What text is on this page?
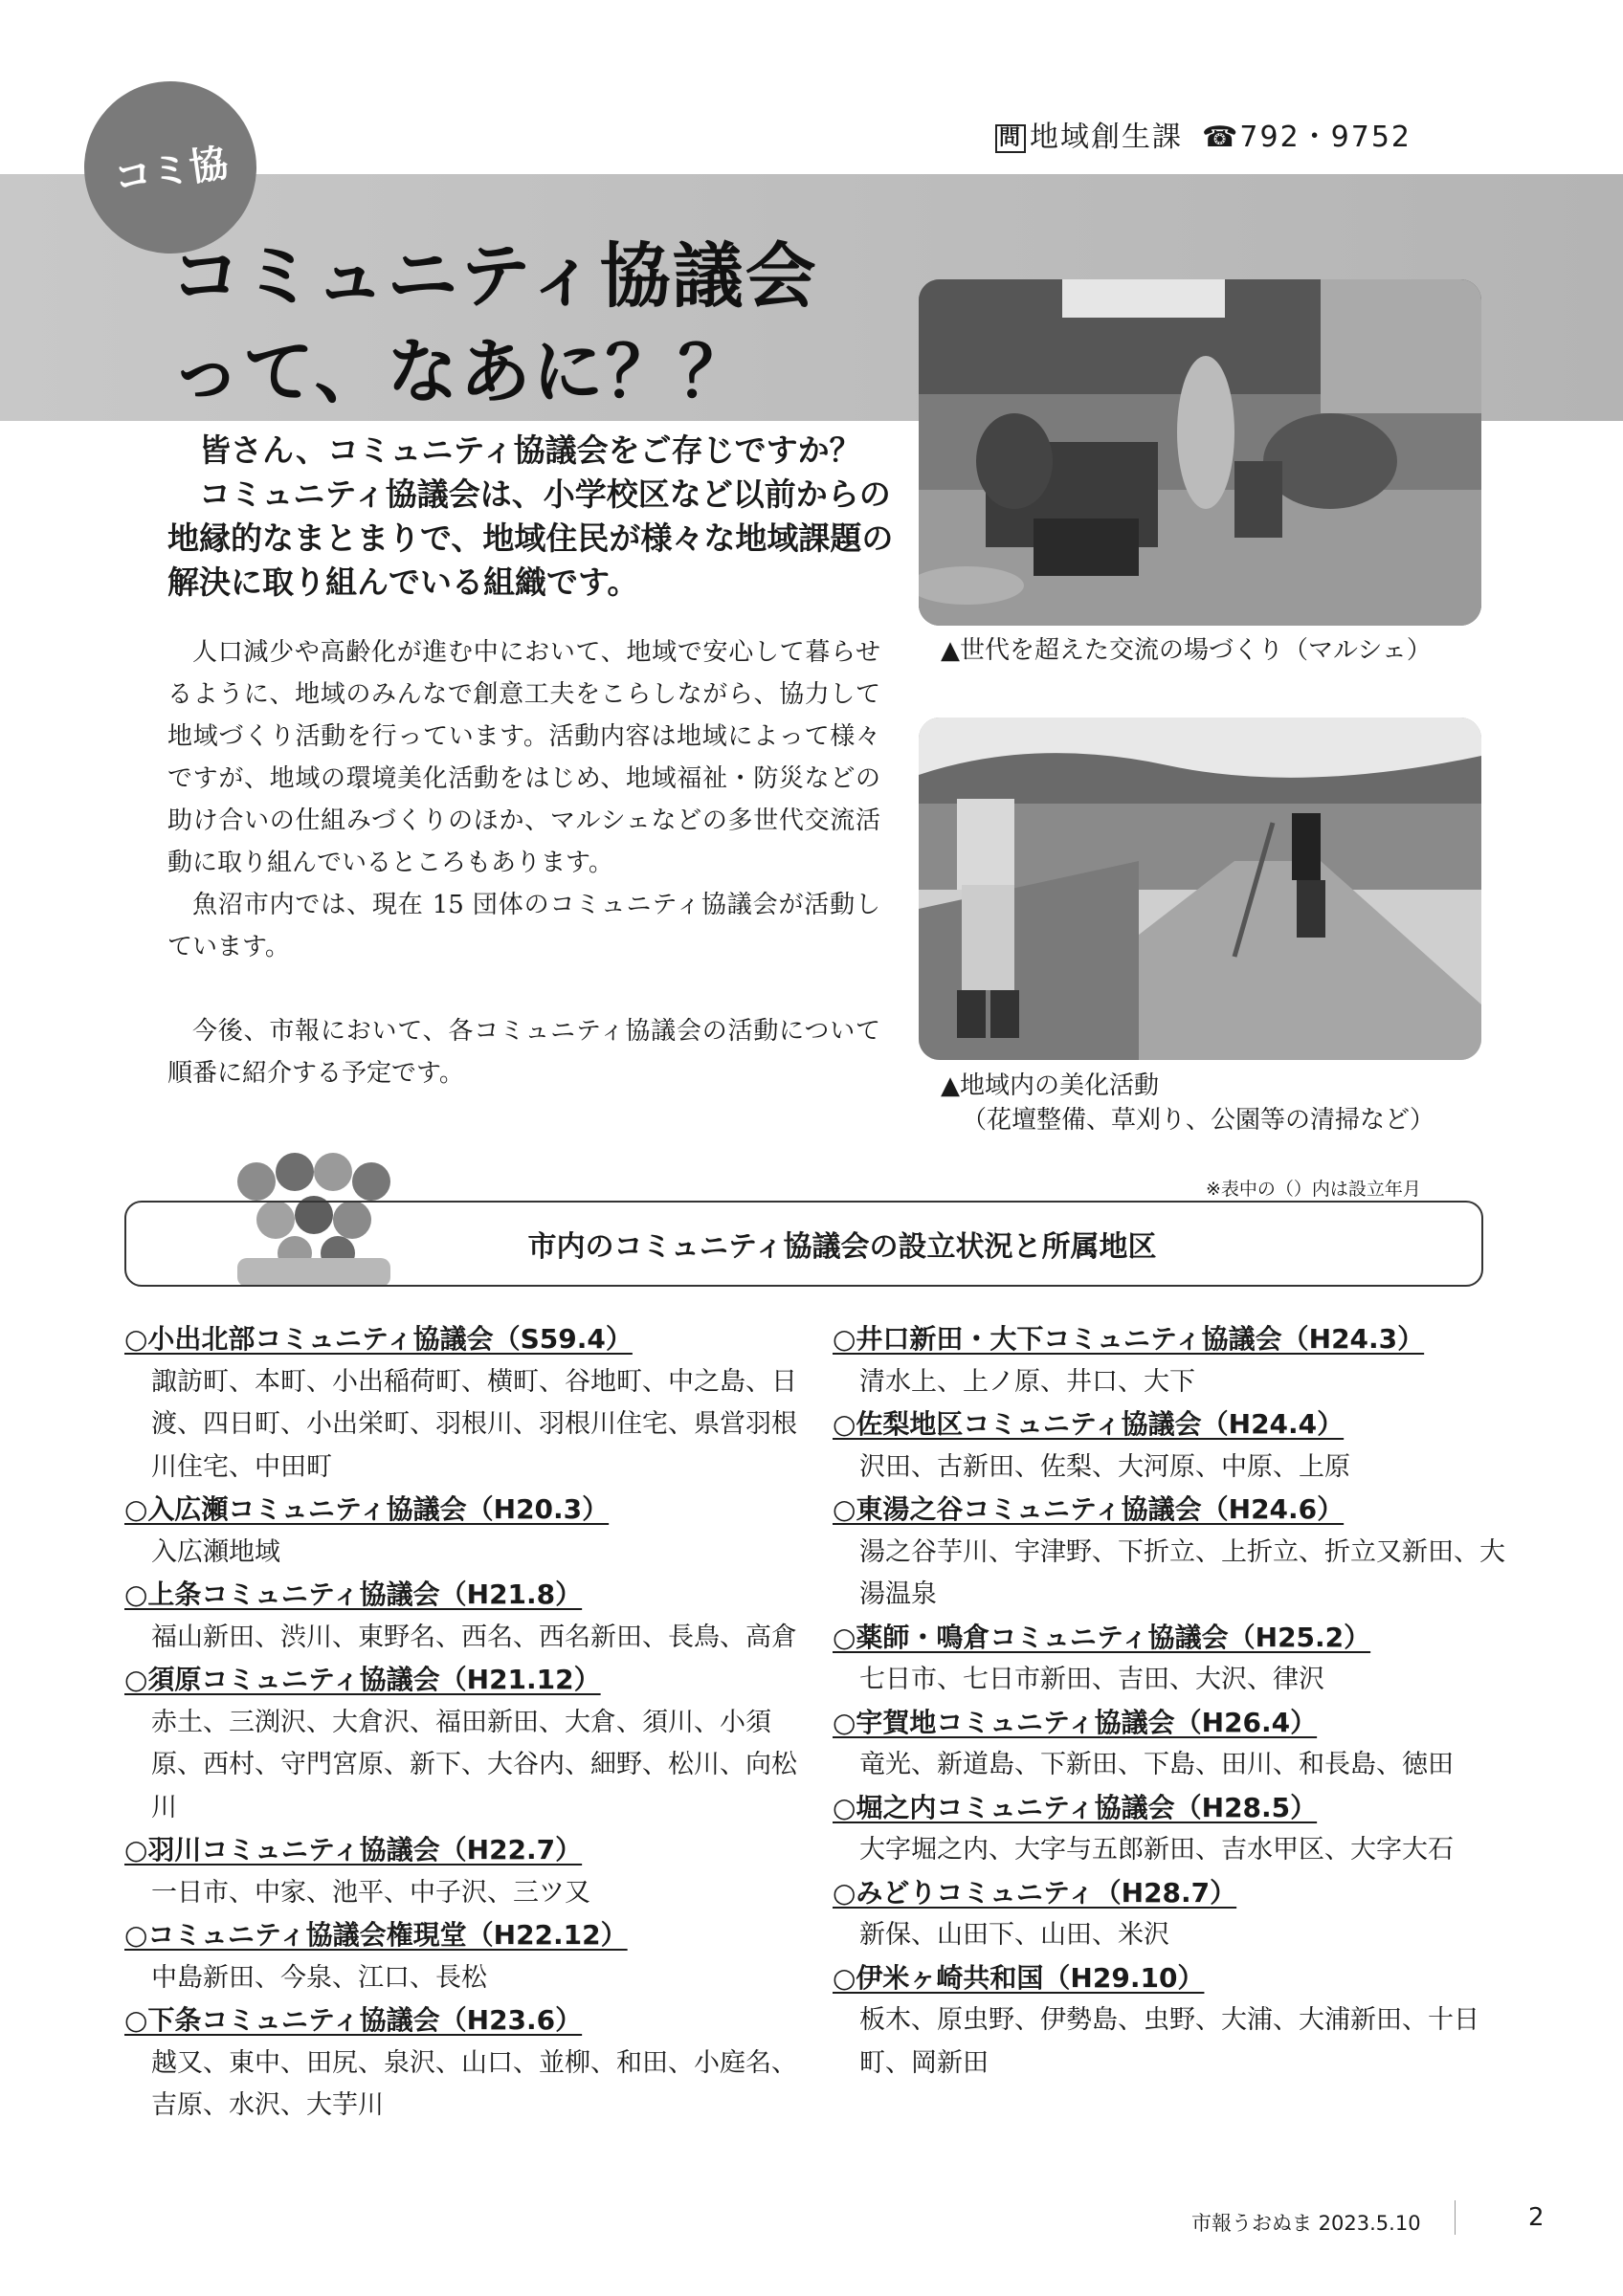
問 地域創生課 ☎792・9752
コミ協
コミュニティ協議会
って、なあに？？

皆さん、コミュニティ協議会をご存じですか？

コミュニティ協議会は、小学校区など以前からの地縁的なまとまりで、地域住民が様々な地域課題の解決に取り組んでいる組織です。

人口減少や高齢化が進む中において、地域で安心して暮らせるように、地域のみんなで創意工夫をこらしながら、協力して地域づくり活動を行っています。活動内容は地域によって様々ですが、地域の環境美化活動をはじめ、地域福祉・防災などの助け合いの仕組みづくりのほか、マルシェなどの多世代交流活動に取り組んでいるところもあります。

魚沼市内では、現在 15 団体のコミュニティ協議会が活動しています。

今後、市報において、各コミュニティ協議会の活動について順番に紹介する予定です。

▲世代を超えた交流の場づくり（マルシェ）
▲地域内の美化活動
（花壇整備、草刈り、公園等の清掃など）
※表中の（）内は設立年月
市内のコミュニティ協議会の設立状況と所属地区
○小出北部コミュニティ協議会（S59.4）
諏訪町、本町、小出稲荷町、横町、谷地町、中之島、日渡、四日町、小出栄町、羽根川、羽根川住宅、県営羽根川住宅、中田町
○入広瀬コミュニティ協議会（H20.3）
入広瀬地域
○上条コミュニティ協議会（H21.8）
福山新田、渋川、東野名、西名、西名新田、長鳥、高倉
○須原コミュニティ協議会（H21.12）
赤土、三渕沢、大倉沢、福田新田、大倉、須川、小須原、西村、守門宮原、新下、大谷内、細野、松川、向松川
○羽川コミュニティ協議会（H22.7）
一日市、中家、池平、中子沢、三ツ又
○コミュニティ協議会権現堂（H22.12）
中島新田、今泉、江口、長松
○下条コミュニティ協議会（H23.6）
越又、東中、田尻、泉沢、山口、並柳、和田、小庭名、吉原、水沢、大芋川
○井口新田・大下コミュニティ協議会（H24.3）
清水上、上ノ原、井口、大下
○佐梨地区コミュニティ協議会（H24.4）
沢田、古新田、佐梨、大河原、中原、上原
○東湯之谷コミュニティ協議会（H24.6）
湯之谷芋川、宇津野、下折立、上折立、折立又新田、大湯温泉
○薬師・鳴倉コミュニティ協議会（H25.2）
七日市、七日市新田、吉田、大沢、律沢
○宇賀地コミュニティ協議会（H26.4）
竜光、新道島、下新田、下島、田川、和長島、徳田
○堀之内コミュニティ協議会（H28.5）
大字堀之内、大字与五郎新田、吉水甲区、大字大石
○みどりコミュニティ（H28.7）
新保、山田下、山田、米沢
○伊米ヶ崎共和国（H29.10）
板木、原虫野、伊勢島、虫野、大浦、大浦新田、十日町、岡新田
市報うおぬま 2023.5.10	2
